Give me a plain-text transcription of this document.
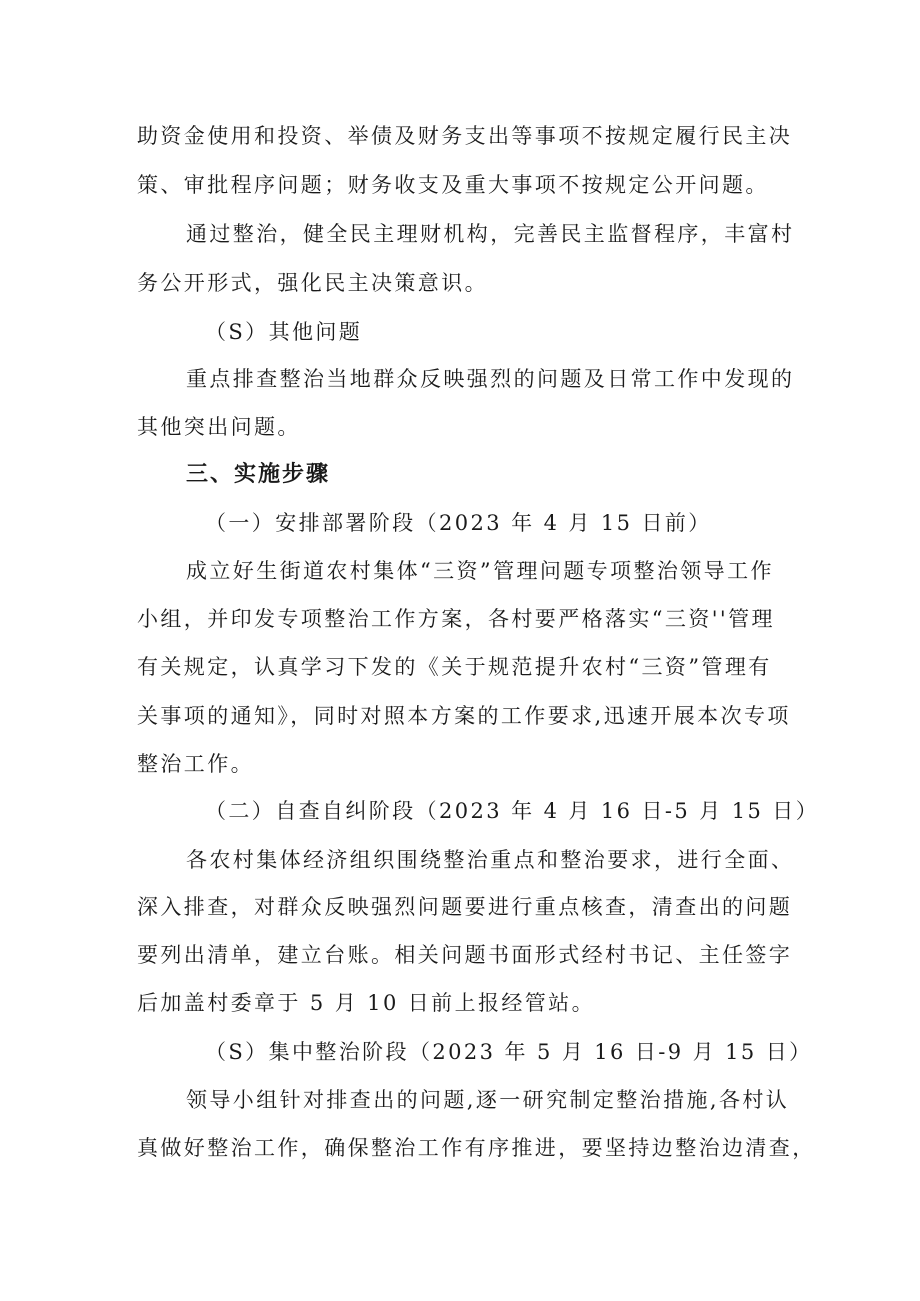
助资金使用和投资、举债及财务支出等事项不按规定履行民主决
策、审批程序问题；财务收支及重大事项不按规定公开问题。
通过整治，健全民主理财机构，完善民主监督程序，丰富村
务公开形式，强化民主决策意识。
（S）其他问题
重点排查整治当地群众反映强烈的问题及日常工作中发现的
其他突出问题。
三、实施步骤
（一）安排部署阶段（2023 年 4 月 15 日前）
成立好生街道农村集体“三资”管理问题专项整治领导工作
小组，并印发专项整治工作方案，各村要严格落实“三资''管理
有关规定，认真学习下发的《关于规范提升农村“三资”管理有
关事项的通知》，同时对照本方案的工作要求,迅速开展本次专项
整治工作。
（二）自查自纠阶段（2023 年 4 月 16 日-5 月 15 日）
各农村集体经济组织围绕整治重点和整治要求，进行全面、
深入排查，对群众反映强烈问题要进行重点核查，清查出的问题
要列出清单，建立台账。相关问题书面形式经村书记、主任签字
后加盖村委章于 5 月 10 日前上报经管站。
（S）集中整治阶段（2023 年 5 月 16 日-9 月 15 日）
领导小组针对排查出的问题,逐一研究制定整治措施,各村认
真做好整治工作，确保整治工作有序推进，要坚持边整治边清查，
